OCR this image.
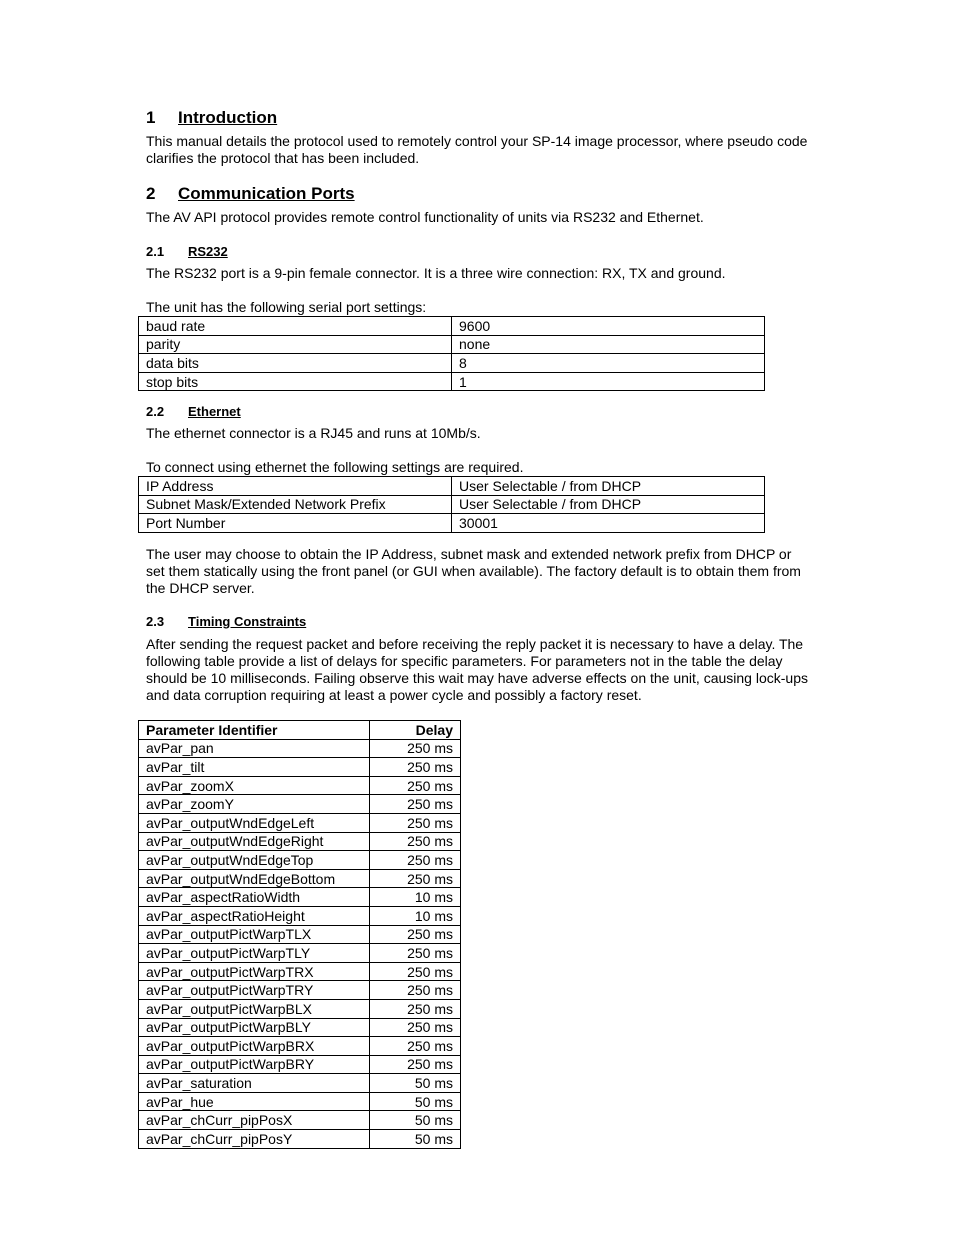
1 Introduction

This manual details the protocol used to remotely control your SP-14 image processor, where pseudo code clarifies the protocol that has been included.

2 Communication Ports

The AV API protocol provides remote control functionality of units via RS232 and Ethernet.

2.1 RS232

The RS232 port is a 9-pin female connector. It is a three wire connection: RX, TX and ground.

The unit has the following serial port settings:

baud rate	9600
parity	none
data bits	8
stop bits	1
2.2 Ethernet

The ethernet connector is a RJ45 and runs at 10Mb/s.

To connect using ethernet the following settings are required.

IP Address	User Selectable / from DHCP
Subnet Mask/Extended Network Prefix	User Selectable / from DHCP
Port Number	30001

The user may choose to obtain the IP Address, subnet mask and extended network prefix from DHCP or set them statically using the front panel (or GUI when available). The factory default is to obtain them from the DHCP server.

2.3 Timing Constraints

After sending the request packet and before receiving the reply packet it is necessary to have a delay. The following table provide a list of delays for specific parameters. For parameters not in the table the delay should be 10 milliseconds. Failing observe this wait may have adverse effects on the unit, causing lock-ups and data corruption requiring at least a power cycle and possibly a factory reset.

Parameter Identifier	Delay
avPar_pan	250 ms
avPar_tilt	250 ms
avPar_zoomX	250 ms
avPar_zoomY	250 ms
avPar_outputWndEdgeLeft	250 ms
avPar_outputWndEdgeRight	250 ms
avPar_outputWndEdgeTop	250 ms
avPar_outputWndEdgeBottom	250 ms
avPar_aspectRatioWidth	10 ms
avPar_aspectRatioHeight	10 ms
avPar_outputPictWarpTLX	250 ms
avPar_outputPictWarpTLY	250 ms
avPar_outputPictWarpTRX	250 ms
avPar_outputPictWarpTRY	250 ms
avPar_outputPictWarpBLX	250 ms
avPar_outputPictWarpBLY	250 ms
avPar_outputPictWarpBRX	250 ms
avPar_outputPictWarpBRY	250 ms
avPar_saturation	50 ms
avPar_hue	50 ms
avPar_chCurr_pipPosX	50 ms
avPar_chCurr_pipPosY	50 ms
